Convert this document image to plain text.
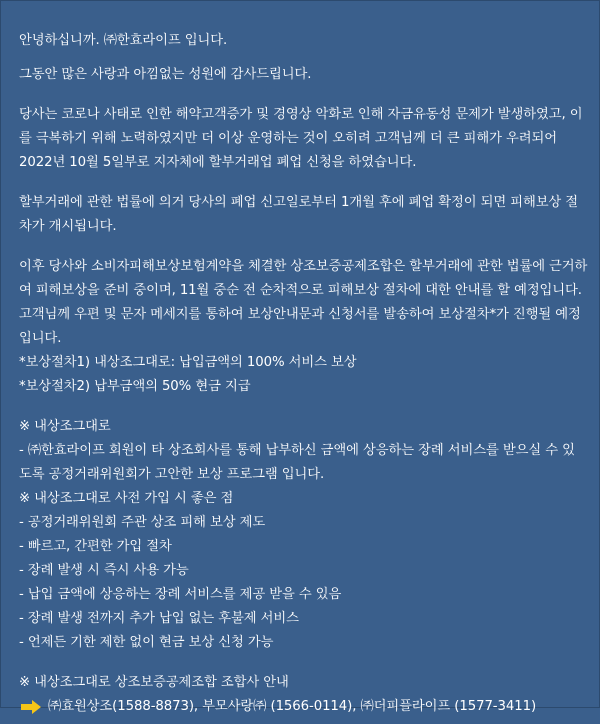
안녕하십니까. ㈜한효라이프 입니다.

그동안 많은 사랑과 아낌없는 성원에 감사드립니다.

당사는 코로나 사태로 인한 해약고객증가 및 경영상 악화로 인해 자금유동성 문제가 발생하였고, 이

를 극복하기 위해 노력하였지만 더 이상 운영하는 것이 오히려 고객님께 더 큰 피해가 우려되어

2022년 10월 5일부로 지자체에 할부거래업 폐업 신청을 하였습니다.

할부거래에 관한 법률에 의거 당사의 폐업 신고일로부터 1개월 후에 폐업 확정이 되면 피해보상 절

차가 개시됩니다.

이후 당사와 소비자피해보상보험계약을 체결한 상조보증공제조합은 할부거래에 관한 법률에 근거하

여 피해보상을 준비 중이며, 11월 중순 전 순차적으로 피해보상 절차에 대한 안내를 할 예정입니다.

고객님께 우편 및 문자 메세지를 통하여 보상안내문과 신청서를 발송하여 보상절차*가 진행될 예정

입니다.

*보상절차1) 내상조그대로: 납입금액의 100% 서비스 보상

*보상절차2) 납부금액의 50% 현금 지급

※ 내상조그대로

- ㈜한효라이프 회원이 타 상조회사를 통해 납부하신 금액에 상응하는 장례 서비스를 받으실 수 있

도록 공정거래위원회가 고안한 보상 프로그램 입니다.

※ 내상조그대로 사전 가입 시 좋은 점

- 공정거래위원회 주관 상조 피해 보상 제도

- 빠르고, 간편한 가입 절차

- 장례 발생 시 즉시 사용 가능

- 납입 금액에 상응하는 장례 서비스를 제공 받을 수 있음

- 장례 발생 전까지 추가 납입 없는 후불제 서비스

- 언제든 기한 제한 없이 현금 보상 신청 가능

※ 내상조그대로 상조보증공제조합 조합사 안내

㈜효원상조(1588-8873), 부모사랑㈜ (1566-0114), ㈜더피플라이프 (1577-3411)
